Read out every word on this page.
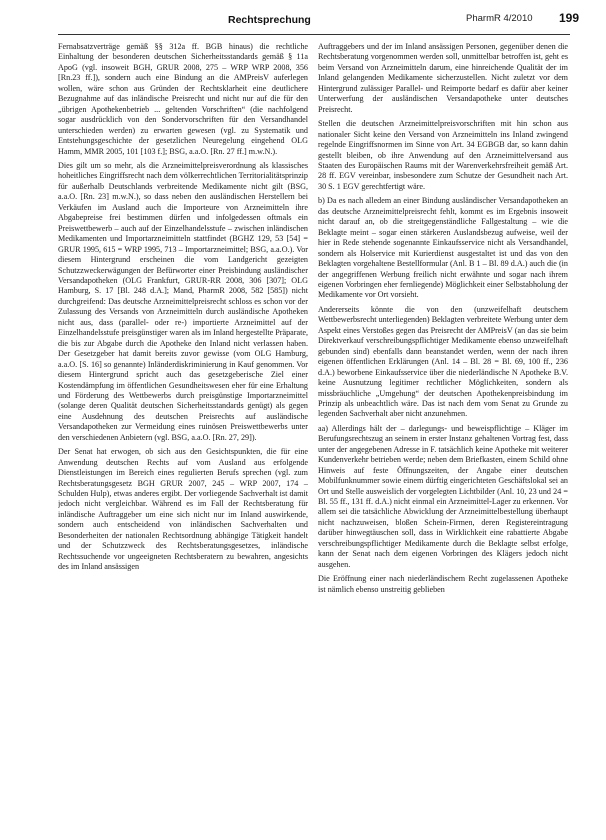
Rechtsprechung	PharmR 4/2010 199

Fernabsatzverträge gemäß §§ 312a ff. BGB hinaus) die rechtliche Einhaltung der besonderen deutschen Sicherheitsstandards gemäß § 11a ApoG (vgl. insoweit BGH, GRUR 2008, 275 – WRP WRP 2008, 356 [Rn.23 ff.]), sondern auch eine Bindung an die AMPreisV auferlegen wollen, wäre schon aus Gründen der Rechtsklarheit eine deutlichere Bezugnahme auf das inländische Preisrecht und nicht nur auf die für den „übrigen Apothekenbetrieb ... geltenden Vorschriften“ (die nachfolgend sogar ausdrücklich von den Sondervorschriften für den Versandhandel unterschieden werden) zu erwarten gewesen (vgl. zu Systematik und Entstehungsgeschichte der gesetzlichen Neuregelung eingehend OLG Hamm, MMR 2005, 101 [103 f.]; BSG, a.a.O. [Rn. 27 ff.] m.w.N.).

Dies gilt um so mehr, als die Arzneimittelpreisverordnung als klassisches hoheitliches Eingriffsrecht nach dem völkerrechtlichen Territorialitätsprinzip für außerhalb Deutschlands verbreitende Medikamente nicht gilt (BSG, a.a.O. [Rn. 23] m.w.N.), so dass neben den ausländischen Herstellern bei Verkäufen im Ausland auch die Importeure von Arzneimitteln ihre Abgabepreise frei bestimmen dürfen und infolgedessen oftmals ein Preiswettbewerb – auch auf der Einzelhandelsstufe – zwischen inländischen Medikamenten und Importarzneimitteln stattfindet (BGHZ 129, 53 [54] = GRUR 1995, 615 = WRP 1995, 713 – Importarzneimittel; BSG, a.a.O.). Vor diesem Hintergrund erscheinen die vom Landgericht gezeigten Schutzzweckerwägungen der Befürworter einer Preisbindung ausländischer Versandapotheken (OLG Frankfurt, GRUR-RR 2008, 306 [307]; OLG Hamburg, S. 17 [Bl. 248 d.A.]; Mand, PharmR 2008, 582 [585]) nicht durchgreifend: Das deutsche Arzneimittelpreisrecht schloss es schon vor der Zulassung des Versands von Arzneimitteln durch ausländische Apotheken nicht aus, dass (parallel- oder re-) importierte Arzneimittel auf der Einzelhandelsstufe preisgünstiger waren als im Inland hergestellte Präparate, die bis zur Abgabe durch die Apotheke den Inland nicht verlassen haben. Der Gesetzgeber hat damit bereits zuvor gewisse (vom OLG Hamburg, a.a.O. [S. 16] so genannte) Inländerdiskriminierung in Kauf genommen. Vor diesem Hintergrund spricht auch das gesetzgeberische Ziel einer Kostendämpfung im öffentlichen Gesundheitswesen eher für eine Erhaltung und Förderung des Wettbewerbs durch preisgünstige Importarzneimittel (solange deren Qualität deutschen Sicherheitsstandards genügt) als gegen eine Ausdehnung des deutschen Preisrechts auf ausländische Versandapotheken zur Vermeidung eines ruinösen Preiswettbewerbs unter den verschiedenen Anbietern (vgl. BSG, a.a.O. [Rn. 27, 29]).

Der Senat hat erwogen, ob sich aus den Gesichtspunkten, die für eine Anwendung deutschen Rechts auf vom Ausland aus erfolgende Dienstleistungen im Bereich eines regulierten Berufs sprechen (vgl. zum Rechtsberatungsgesetz BGH GRUR 2007, 245 – WRP 2007, 174 – Schulden Hulp), etwas anderes ergibt. Der vorliegende Sachverhalt ist damit jedoch nicht vergleichbar. Während es im Fall der Rechtsberatung für inländische Auftraggeber um eine sich nicht nur im Inland auswirkende, sondern auch entscheidend von inländischen Sachverhalten und Besonderheiten der nationalen Rechtsordnung abhängige Tätigkeit handelt und der Schutzzweck des Rechtsberatungsgesetzes, inländische Rechtssuchende vor ungeeigneten Rechtsberatern zu bewahren, angesichts des im Inland ansässigen

Auftraggebers und der im Inland ansässigen Personen, gegenüber denen die Rechtsberatung vorgenommen werden soll, unmittelbar betroffen ist, geht es beim Versand von Arzneimitteln darum, eine hinreichende Qualität der im Inland gelangenden Medikamente sicherzustellen. Nicht zuletzt vor dem Hintergrund zulässiger Parallel- und Reimporte bedarf es dafür aber keiner Unterwerfung der ausländischen Versandapotheke unter deutsches Preisrecht.

Stellen die deutschen Arzneimittelpreisvorschriften mit hin schon aus nationaler Sicht keine den Versand von Arzneimitteln ins Inland zwingend regelnde Eingriffsnormen im Sinne von Art. 34 EGBGB dar, so kann dahin gestellt bleiben, ob ihre Anwendung auf den Arzneimittelversand aus Staaten des Europäischen Raums mit der Warenverkehrsfreiheit gemäß Art. 28 ff. EGV vereinbar, insbesondere zum Schutze der Gesundheit nach Art. 30 S. 1 EGV gerechtfertigt wäre.

b) Da es nach alledem an einer Bindung ausländischer Versandapotheken an das deutsche Arzneimittelpreisrecht fehlt, kommt es im Ergebnis insoweit nicht darauf an, ob die streitgegenständliche Fallgestaltung – wie die Beklagte meint – sogar einen stärkeren Auslandsbezug aufweise, weil der hier in Rede stehende sogenannte Einkaufsservice nicht als Versandhandel, sondern als Holservice mit Kurierdienst ausgestaltet ist und das von den Beklagten vorgehaltene Bestellformular (Anl. B 1 – Bl. 89 d.A.) auch die (in der angegriffenen Werbung freilich nicht erwähnte und sogar nach ihrem eigenen Vorbringen eher fernliegende) Möglichkeit einer Selbstabholung der Medikamente vor Ort vorsieht.

Andererseits könnte die von den (unzweifelhaft deutschem Wettbewerbsrecht unterliegenden) Beklagten verbreitete Werbung unter dem Aspekt eines Verstoßes gegen das Preisrecht der AMPreisV (an das sie beim Direktverkauf verschreibungspflichtiger Medikamente ebenso unzweifelhaft gebunden sind) ebenfalls dann beanstandet werden, wenn der nach ihren eigenen öffentlichen Erklärungen (Anl. 14 – Bl. 28 = Bl. 69, 100 ff., 236 d.A.) beworbene Einkaufsservice über die niederländische N Apotheke B.V. keine Ausnutzung legitimer rechtlicher Möglichkeiten, sondern als missbräuchliche „Umgehung“ der deutschen Apothekenpreisbindung im Prinzip als unbeachtlich wäre. Das ist nach dem vom Senat zu Grunde zu legenden Sachverhalt aber nicht anzunehmen.

aa) Allerdings hält der – darlegungs- und beweispflichtige – Kläger im Berufungsrechtszug an seinem in erster Instanz gehaltenen Vortrag fest, dass unter der angegebenen Adresse in F. tatsächlich keine Apotheke mit weiterer Kundenverkehr betrieben werde; neben dem Briefkasten, einem Schild ohne Hinweis auf feste Öffnungszeiten, der Angabe einer deutschen Mobilfunknummer sowie einem dürftig eingerichteten Geschäftslokal sei an Ort und Stelle ausweislich der vorgelegten Lichtbilder (Anl. 10, 23 und 24 = Bl. 55 ff., 131 ff. d.A.) nicht einmal ein Arzneimittel-Lager zu erkennen. Vor allem sei die tatsächliche Abwicklung der Arzneimittelbestellung überhaupt nicht nachzuweisen, bloßen Schein-Firmen, deren Registereintragung darüber hinwegtäuschen soll, dass in Wirklichkeit eine rabattierte Abgabe verschreibungspflichtiger Medikamente durch die Beklagte selbst erfolge, kann der Senat nach dem eigenen Vorbringen des Klägers jedoch nicht ausgehen.

Die Eröffnung einer nach niederländischem Recht zugelassenen Apotheke ist nämlich ebenso unstreitig geblieben
